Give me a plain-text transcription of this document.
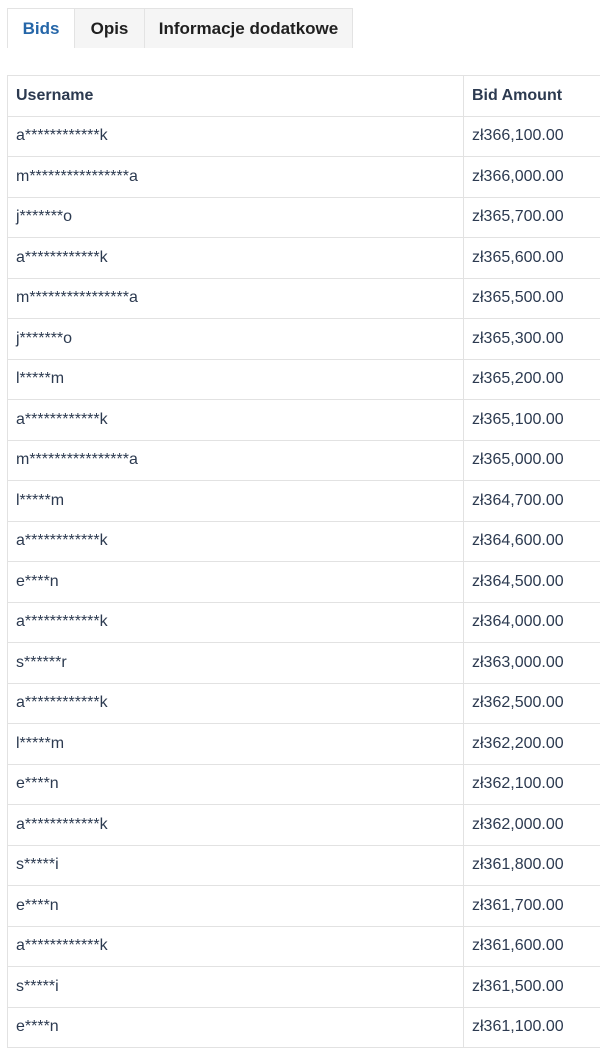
Bids	Opis	Informacje dodatkowe
Username	Bid Amount
a************k	zł366,100.00
m****************a	zł366,000.00
j*******o	zł365,700.00
a************k	zł365,600.00
m****************a	zł365,500.00
j*******o	zł365,300.00
l*****m	zł365,200.00
a************k	zł365,100.00
m****************a	zł365,000.00
l*****m	zł364,700.00
a************k	zł364,600.00
e****n	zł364,500.00
a************k	zł364,000.00
s******r	zł363,000.00
a************k	zł362,500.00
l*****m	zł362,200.00
e****n	zł362,100.00
a************k	zł362,000.00
s*****i	zł361,800.00
e****n	zł361,700.00
a************k	zł361,600.00
s*****i	zł361,500.00
e****n	zł361,100.00
